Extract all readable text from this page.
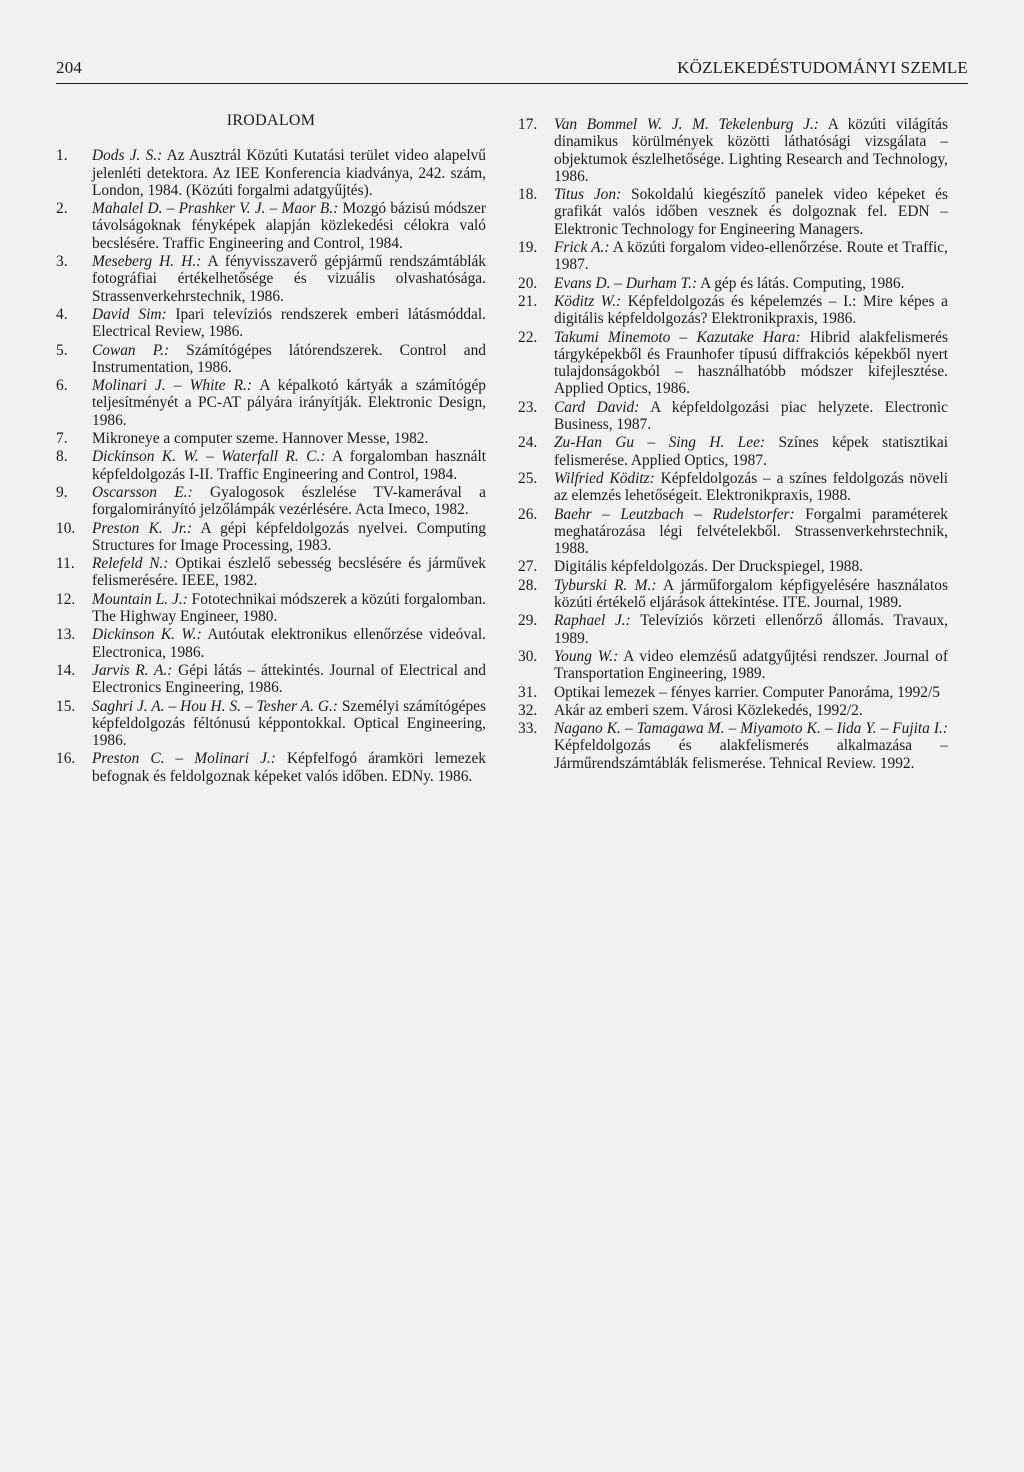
204	KÖZLEKEDÉSTUDOMÁNYI SZEMLE
IRODALOM
1.	Dods J. S.: Az Ausztrál Közúti Kutatási terület video alapelvű jelenléti detektora. Az IEE Konferencia kiadványa, 242. szám, London, 1984. (Közúti forgalmi adatgyűjtés).
2.	Mahalel D. – Prashker V. J. – Maor B.: Mozgó bázisú módszer távolságoknak fényképek alapján közlekedési célokra való becslésére. Traffic Engineering and Control, 1984.
3.	Meseberg H. H.: A fényvisszaverő gépjármű rendszámtáblák fotográfiai értékelhetősége és vizuális olvashatósága. Strassenverkehrstechnik, 1986.
4.	David Sim: Ipari televíziós rendszerek emberi látásmóddal. Electrical Review, 1986.
5.	Cowan P.: Számítógépes látórendszerek. Control and Instrumentation, 1986.
6.	Molinari J. – White R.: A képalkotó kártyák a számítógép teljesítményét a PC-AT pályára irányítják. Elektronic Design, 1986.
7.	Mikroneye a computer szeme. Hannover Messe, 1982.
8.	Dickinson K. W. – Waterfall R. C.: A forgalomban használt képfeldolgozás I-II. Traffic Engineering and Control, 1984.
9.	Oscarsson E.: Gyalogosok észlelése TV-kamerával a forgalomirányító jelzőlámpák vezérlésére. Acta Imeco, 1982.
10.	Preston K. Jr.: A gépi képfeldolgozás nyelvei. Computing Structures for Image Processing, 1983.
11.	Relefeld N.: Optikai észlelő sebesség becslésére és járművek felismerésére. IEEE, 1982.
12.	Mountain L. J.: Fototechnikai módszerek a közúti forgalomban. The Highway Engineer, 1980.
13.	Dickinson K. W.: Autóutak elektronikus ellenőrzése videóval. Electronica, 1986.
14.	Jarvis R. A.: Gépi látás – áttekintés. Journal of Electrical and Electronics Engineering, 1986.
15.	Saghri J. A. – Hou H. S. – Tesher A. G.: Személyi számítógépes képfeldolgozás féltónusú képpontokkal. Optical Engineering, 1986.
16.	Preston C. – Molinari J.: Képfelfogó áramköri lemezek befognak és feldolgoznak képeket valós időben. EDNy. 1986.
17.	Van Bommel W. J. M. Tekelenburg J.: A közúti világítás dinamikus körülmények közötti láthatósági vizsgálata – objektumok észlelhetősége. Lighting Research and Technology, 1986.
18.	Titus Jon: Sokoldalú kiegészítő panelek video képeket és grafikát valós időben vesznek és dolgoznak fel. EDN – Elektronic Technology for Engineering Managers.
19.	Frick A.: A közúti forgalom video-ellenőrzése. Route et Traffic, 1987.
20.	Evans D. – Durham T.: A gép és látás. Computing, 1986.
21.	Köditz W.: Képfeldolgozás és képelemzés – I.: Mire képes a digitális képfeldolgozás? Elektronikpraxis, 1986.
22.	Takumi Minemoto – Kazutake Hara: Hibrid alakfelismerés tárgyképekből és Fraunhofer típusú diffrakciós képekből nyert tulajdonságokból – használhatóbb módszer kifejlesztése. Applied Optics, 1986.
23.	Card David: A képfeldolgozási piac helyzete. Electronic Business, 1987.
24.	Zu-Han Gu – Sing H. Lee: Színes képek statisztikai felismerése. Applied Optics, 1987.
25.	Wilfried Köditz: Képfeldolgozás – a színes feldolgozás növeli az elemzés lehetőségeit. Elektronikpraxis, 1988.
26.	Baehr – Leutzbach – Rudelstorfer: Forgalmi paraméterek meghatározása légi felvételekből. Strassenverkehrstechnik, 1988.
27.	Digitális képfeldolgozás. Der Druckspiegel, 1988.
28.	Tyburski R. M.: A járműforgalom képfigyelésére használatos közúti értékelő eljárások áttekintése. ITE. Journal, 1989.
29.	Raphael J.: Televíziós körzeti ellenőrző állomás. Travaux, 1989.
30.	Young W.: A video elemzésű adatgyűjtési rendszer. Journal of Transportation Engineering, 1989.
31.	Optikai lemezek – fényes karrier. Computer Panoráma, 1992/5
32.	Akár az emberi szem. Városi Közlekedés, 1992/2.
33.	Nagano K. – Tamagawa M. – Miyamoto K. – Iida Y. – Fujita I.: Képfeldolgozás és alakfelismerés alkalmazása – Járműrendszámtáblák felismerése. Tehnical Review. 1992.
